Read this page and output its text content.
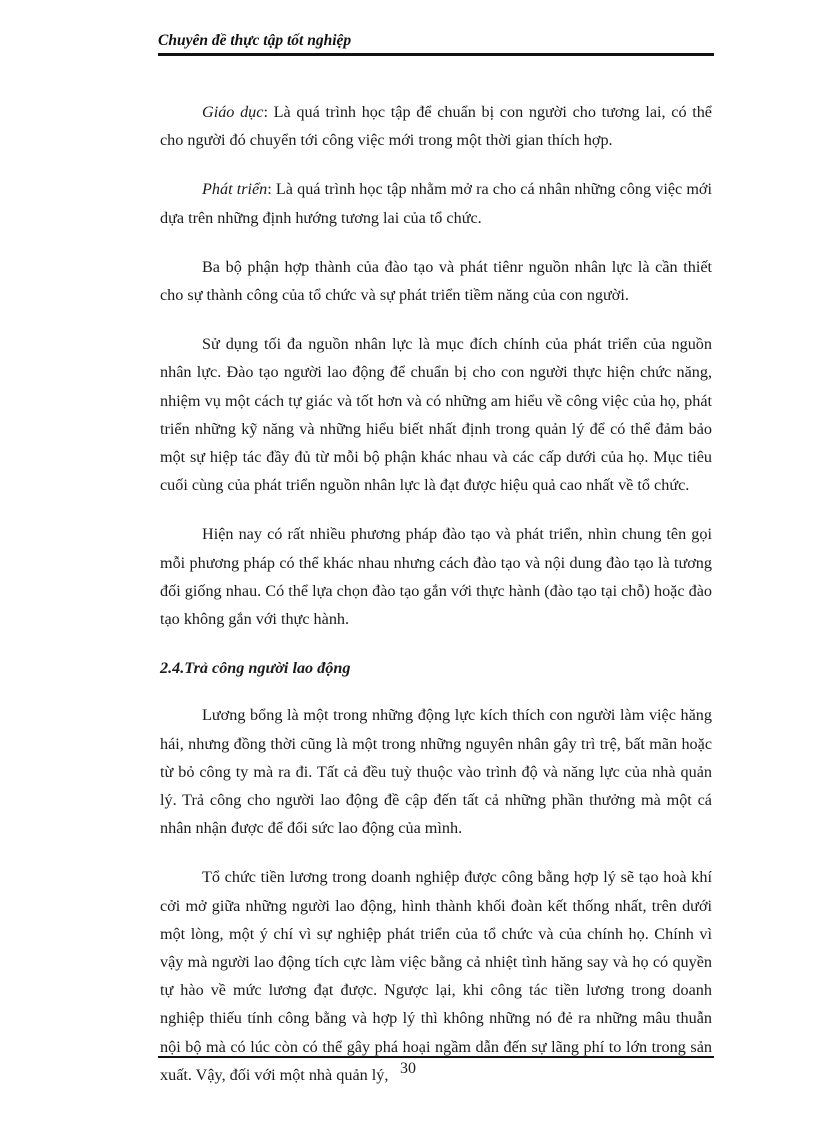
Chuyên đề thực tập tốt nghiệp

Giáo dục: Là quá trình học tập để chuẩn bị con người cho tương lai, có thể cho người đó chuyển tới công việc mới trong một thời gian thích hợp.

Phát triển: Là quá trình học tập nhằm mở ra cho cá nhân những công việc mới dựa trên những định hướng tương lai của tổ chức.

Ba bộ phận hợp thành của đào tạo và phát tiênr nguồn nhân lực là cần thiết cho sự thành công của tổ chức và sự phát triển tiềm năng của con người.

Sử dụng tối đa nguồn nhân lực là mục đích chính của phát triển của nguồn nhân lực. Đào tạo người lao động để chuẩn bị cho con người thực hiện chức năng, nhiệm vụ một cách tự giác và tốt hơn và có những am hiểu về công việc của họ, phát triển những kỹ năng và những hiểu biết nhất định trong quản lý để có thể đảm bảo một sự hiệp tác đầy đủ từ mỗi bộ phận khác nhau và các cấp dưới của họ. Mục tiêu cuối cùng của phát triển nguồn nhân lực là đạt được hiệu quả cao nhất về tổ chức.

Hiện nay có rất nhiều phương pháp đào tạo và phát triển, nhìn chung tên gọi mỗi phương pháp có thể khác nhau nhưng cách đào tạo và nội dung đào tạo là tương đối giống nhau. Có thể lựa chọn đào tạo gắn với thực hành (đào tạo tại chỗ) hoặc đào tạo không gắn với thực hành.

2.4.Trả công người lao động

Lương bổng là một trong những động lực kích thích con người làm việc hăng hái, nhưng đồng thời cũng là một trong những nguyên nhân gây trì trệ, bất mãn hoặc từ bỏ công ty mà ra đi. Tất cả đều tuỳ thuộc vào trình độ và năng lực của nhà quản lý. Trả công cho người lao động đề cập đến tất cả những phần thưởng mà một cá nhân nhận được để đổi sức lao động của mình.

Tổ chức tiền lương trong doanh nghiệp được công bằng hợp lý sẽ tạo hoà khí cởi mở giữa những người lao động, hình thành khối đoàn kết thống nhất, trên dưới một lòng, một ý chí vì sự nghiệp phát triển của tổ chức và của chính họ. Chính vì vậy mà người lao động tích cực làm việc bằng cả nhiệt tình hăng say và họ có quyền tự hào về mức lương đạt được. Ngược lại, khi công tác tiền lương trong doanh nghiệp thiếu tính công bằng và hợp lý thì không những nó đẻ ra những mâu thuẫn nội bộ mà có lúc còn có thể gây phá hoại ngầm dẫn đến sự lãng phí to lớn trong sản xuất. Vậy, đối với một nhà quản lý, 30
